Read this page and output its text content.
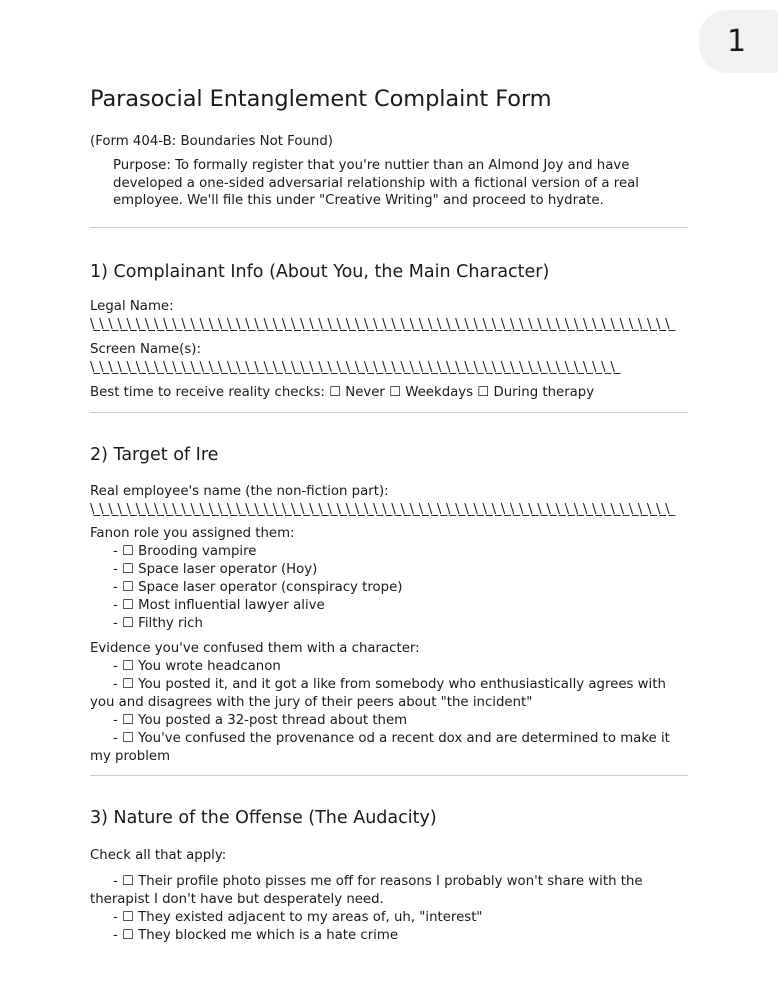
1
Parasocial Entanglement Complaint Form
(Form 404-B: Boundaries Not Found)
Purpose: To formally register that you're nuttier than an Almond Joy and have developed a one-sided adversarial relationship with a fictional version of a real employee. We'll file this under "Creative Writing" and proceed to hydrate.
1) Complainant Info (About You, the Main Character)
Legal Name: \_\_\_\_\_\_\_\_\_\_\_\_\_\_\_\_\_\_\_\_\_\_\_\_\_\_\_\_\_\_\_\_\_\_\_\_\_\_\_\_\_\_\_\_\_\_\_\_\_\_\_\_\_\_\_\_\_\_\_\_\_\_\_\_
Screen Name(s): \_\_\_\_\_\_\_\_\_\_\_\_\_\_\_\_\_\_\_\_\_\_\_\_\_\_\_\_\_\_\_\_\_\_\_\_\_\_\_\_\_\_\_\_\_\_\_\_\_\_\_\_\_\_\_\_\_\_
Best time to receive reality checks: ☐ Never ☐ Weekdays ☐ During therapy
2) Target of Ire
Real employee's name (the non-fiction part):
\_\_\_\_\_\_\_\_\_\_\_\_\_\_\_\_\_\_\_\_\_\_\_\_\_\_\_\_\_\_\_\_\_\_\_\_\_\_\_\_\_\_\_\_\_\_\_\_\_\_\_\_\_\_\_\_\_\_\_\_\_\_\_\_
Fanon role you assigned them:
- ☐ Brooding vampire
- ☐ Space laser operator (Hoy)
- ☐ Space laser operator (conspiracy trope)
- ☐ Most influential lawyer alive
- ☐ Filthy rich
Evidence you've confused them with a character:
- ☐ You wrote headcanon
- ☐ You posted it, and it got a like from somebody who enthusiastically agrees with you and disagrees with the jury of their peers about "the incident"
- ☐ You posted a 32-post thread about them
- ☐ You've confused the provenance od a recent dox and are determined to make it my problem
3) Nature of the Offense (The Audacity)
Check all that apply:
- ☐ Their profile photo pisses me off for reasons I probably won't share with the therapist I don't have but desperately need.
- ☐ They existed adjacent to my areas of, uh, "interest"
- ☐ They blocked me which is a hate crime
